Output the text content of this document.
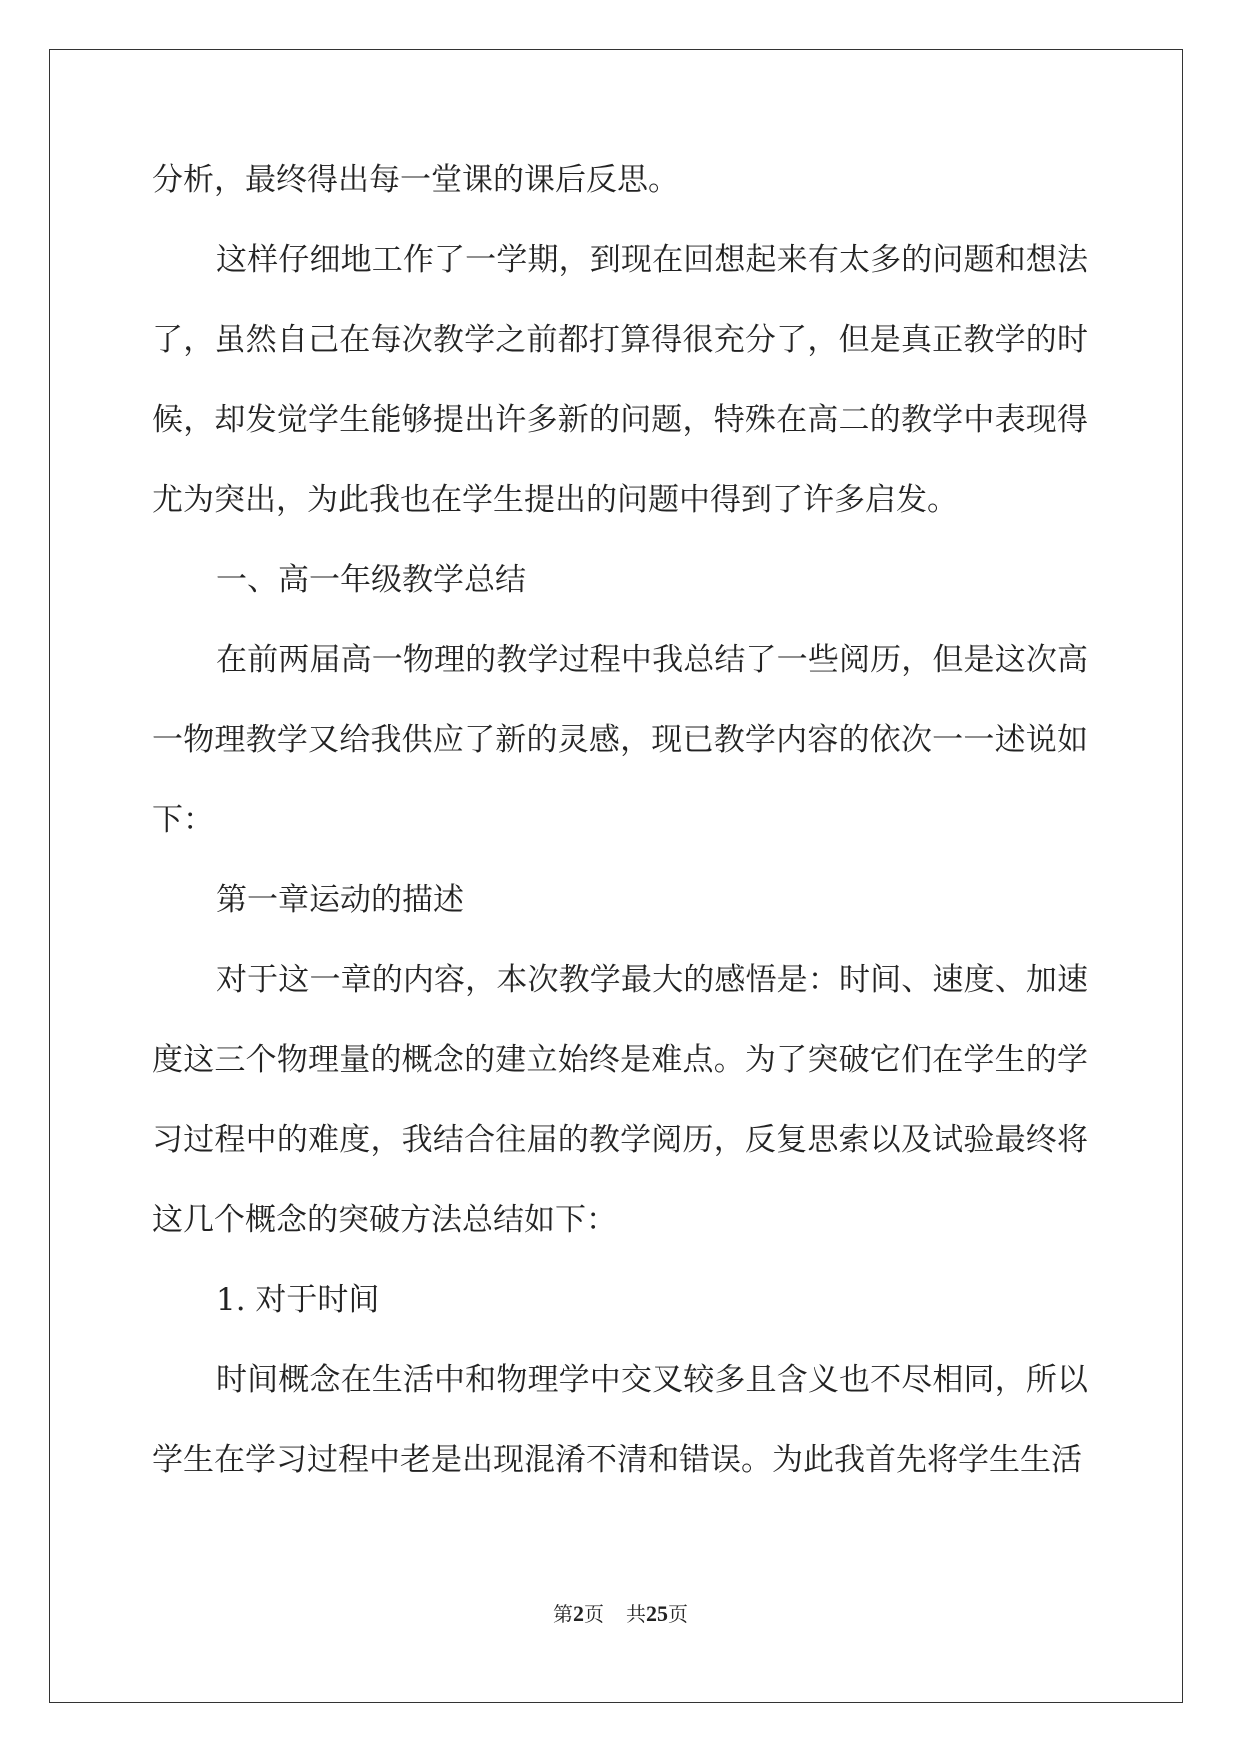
分析，最终得出每一堂课的课后反思。

这样仔细地工作了一学期，到现在回想起来有太多的问题和想法了，虽然自己在每次教学之前都打算得很充分了，但是真正教学的时候，却发觉学生能够提出许多新的问题，特殊在高二的教学中表现得尤为突出，为此我也在学生提出的问题中得到了许多启发。

一、高一年级教学总结

在前两届高一物理的教学过程中我总结了一些阅历，但是这次高一物理教学又给我供应了新的灵感，现已教学内容的依次一一述说如下：

第一章运动的描述

对于这一章的内容，本次教学最大的感悟是：时间、速度、加速度这三个物理量的概念的建立始终是难点。为了突破它们在学生的学习过程中的难度，我结合往届的教学阅历，反复思索以及试验最终将这几个概念的突破方法总结如下：

1. 对于时间

时间概念在生活中和物理学中交叉较多且含义也不尽相同，所以学生在学习过程中老是出现混淆不清和错误。为此我首先将学生生活

第2页 共25页
